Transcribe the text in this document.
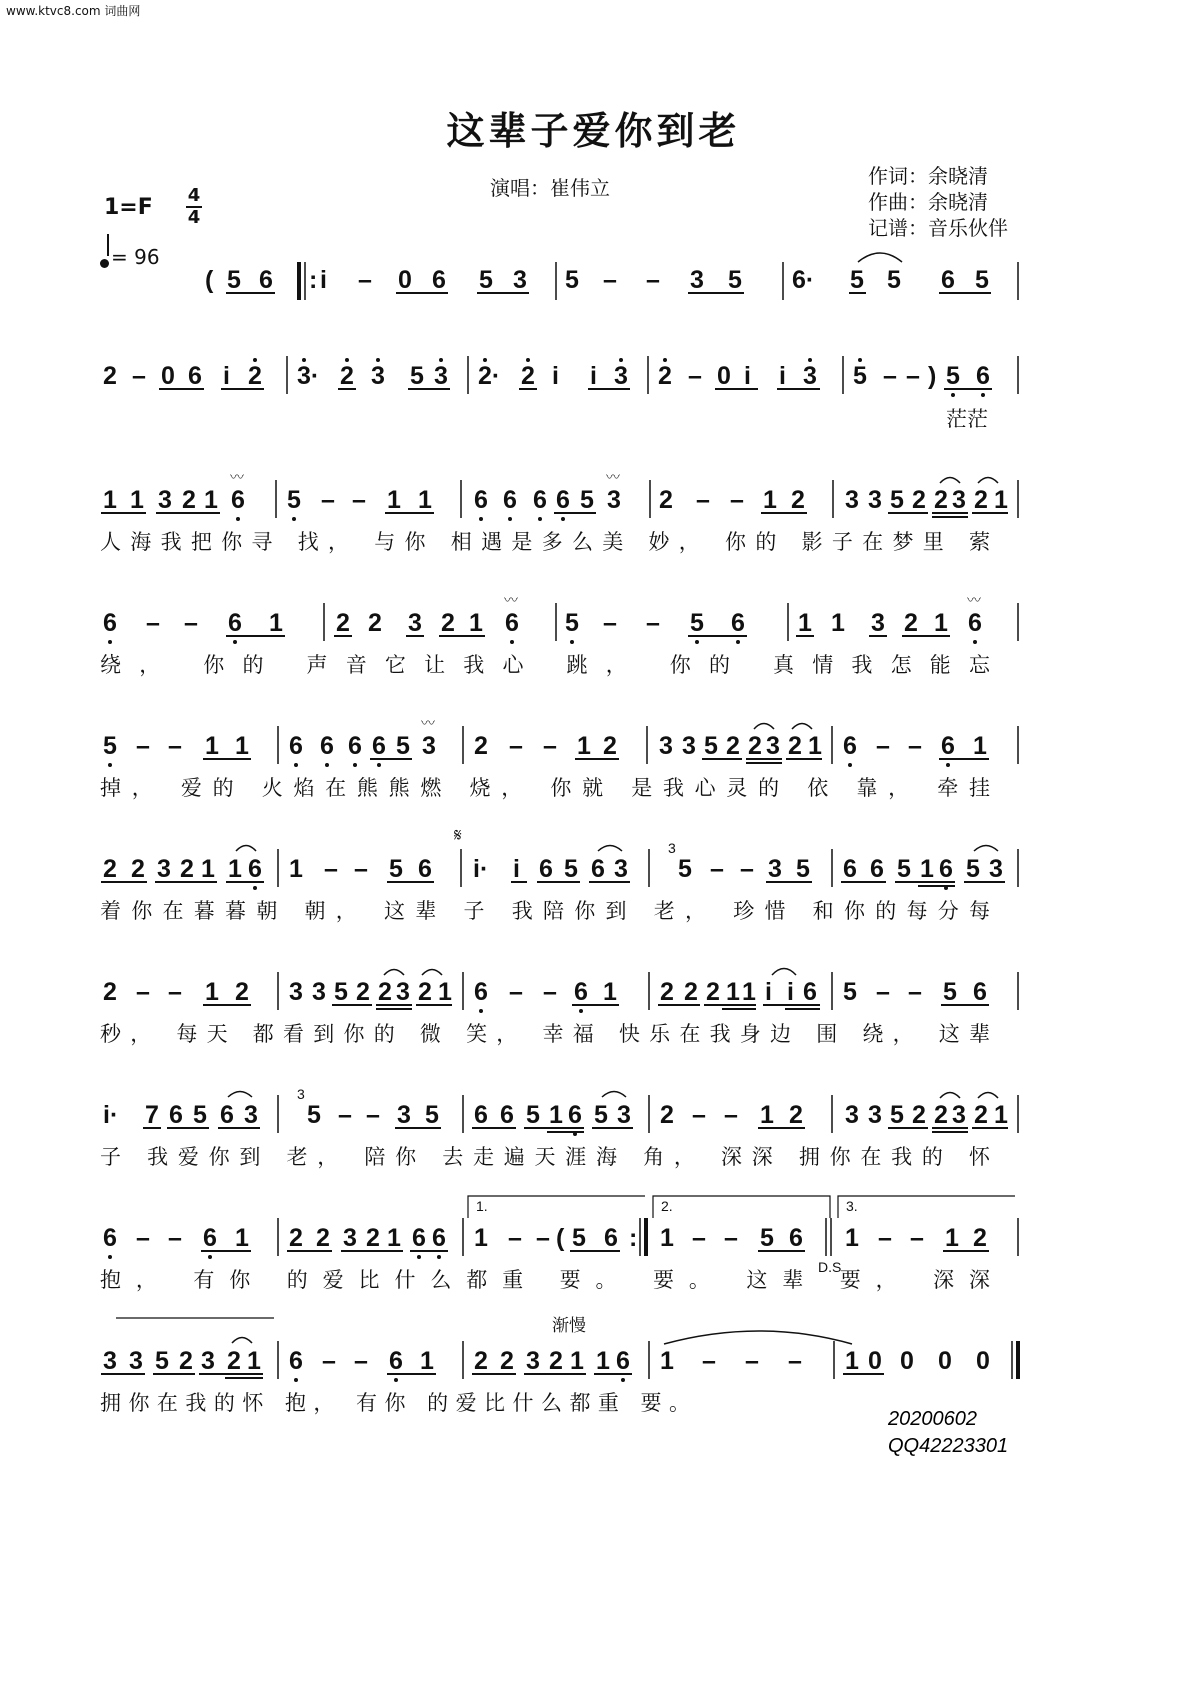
www.ktvc8.com 词曲网
这辈子爱你到老
演唱：崔伟立	作词：余晓清
作曲：余晓清
记谱：音乐伙伴
1=F 4
4
= 96
( 5 6 : i – 0 6 5 3 5 – – 3 5 6· 5 5 6 5
2 – 0 6 i 2 3· 2 3 5 3 2· 2 i i 3 2 – 0 i i 3 5 – – ) 5 6
茫茫
1 1 3 2 1 6
〰
5 – – 1 1 6 6 6 6 5 3
〰
2 – – 1 2 3 3 5 2 2 3 2 1
人海我把你寻 找， 与你 相遇是多么美 妙， 你的 影子在梦里 萦
6 – – 6 1 2 2 3 2 1 6
〰
5 – – 5 6 1 1 3 2 1 6
〰
绕， 你的 声音它让我心 跳， 你的 真情我怎能忘
5 – – 1 1 6 6 6 6 5 3
〰
2 – – 1 2 3 3 5 2 2 3 2 1 6 – – 6 1
掉， 爱的 火焰在熊熊燃 烧， 你就 是我心灵的 依 靠， 牵挂
2 2 3 2 1 1 6 1 – – 5 6
𝄋
i· i 6 5 6 3
3
5 – – 3 5 6 6 5 1 6 5 3
着你在暮暮朝 朝， 这辈 子 我陪你到 老， 珍惜 和你的每分每
2 – – 1 2 3 3 5 2 2 3 2 1 6 – – 6 1 2 2 2 1 1 i i 6 5 – – 5 6
秒， 每天 都看到你的 微 笑， 幸福 快乐在我身边 围 绕， 这辈
i· 7 6 5 6 3
3
5 – – 3 5 6 6 5 1 6 5 3 2 – – 1 2 3 3 5 2 2 3 2 1
子 我爱你到 老， 陪你 去走遍天涯海 角， 深深 拥你在我的 怀
1.	2.	3.
6 – – 6 1 2 2 3 2 1 6 6 1 – – ( 5 6 : 1 – – 5 6
D.S
1 – – 1 2
抱， 有你 的爱比什么都重 要。 要。 这辈 要， 深深
渐慢
3 3 5 2 3 2 1 6 – – 6 1 2 2 3 2 1 1 6 1 – – – 1 0 0 0 0
拥你在我的怀 抱， 有你 的爱比什么都重 要。
20200602
QQ42223301
